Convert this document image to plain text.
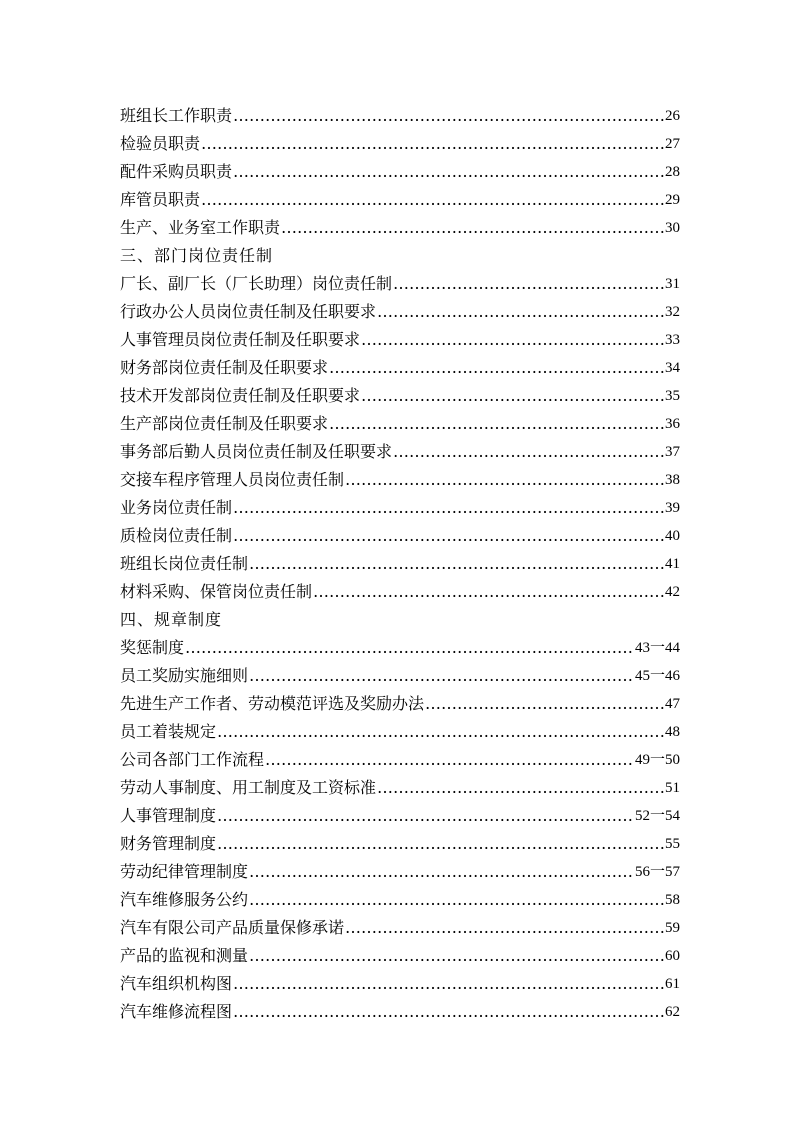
班组长工作职责 …………………………………………………………………………………………………………………………………………………………………………………………………	26
检验员职责 …………………………………………………………………………………………………………………………………………………………………………………………………	27
配件采购员职责 …………………………………………………………………………………………………………………………………………………………………………………………………	28
库管员职责 …………………………………………………………………………………………………………………………………………………………………………………………………	29
生产、业务室工作职责 …………………………………………………………………………………………………………………………………………………………………………………………………	30
三、部门岗位责任制
厂长、副厂长（厂长助理）岗位责任制 …………………………………………………………………………………………………………………………………………………………………………………………………	31
行政办公人员岗位责任制及任职要求 …………………………………………………………………………………………………………………………………………………………………………………………………	32
人事管理员岗位责任制及任职要求 …………………………………………………………………………………………………………………………………………………………………………………………………	33
财务部岗位责任制及任职要求 …………………………………………………………………………………………………………………………………………………………………………………………………	34
技术开发部岗位责任制及任职要求 …………………………………………………………………………………………………………………………………………………………………………………………………	35
生产部岗位责任制及任职要求 …………………………………………………………………………………………………………………………………………………………………………………………………	36
事务部后勤人员岗位责任制及任职要求 …………………………………………………………………………………………………………………………………………………………………………………………………	37
交接车程序管理人员岗位责任制 …………………………………………………………………………………………………………………………………………………………………………………………………	38
业务岗位责任制 …………………………………………………………………………………………………………………………………………………………………………………………………	39
质检岗位责任制 …………………………………………………………………………………………………………………………………………………………………………………………………	40
班组长岗位责任制 …………………………………………………………………………………………………………………………………………………………………………………………………	41
材料采购、保管岗位责任制 …………………………………………………………………………………………………………………………………………………………………………………………………	42
四、规章制度
奖惩制度 …………………………………………………………………………………………………………………………………………………………………………………………………	43一44
员工奖励实施细则 …………………………………………………………………………………………………………………………………………………………………………………………………	45一46
先进生产工作者、劳动模范评选及奖励办法 …………………………………………………………………………………………………………………………………………………………………………………………………	47
员工着装规定 …………………………………………………………………………………………………………………………………………………………………………………………………	48
公司各部门工作流程 …………………………………………………………………………………………………………………………………………………………………………………………………	49一50
劳动人事制度、用工制度及工资标准 …………………………………………………………………………………………………………………………………………………………………………………………………	51
人事管理制度 …………………………………………………………………………………………………………………………………………………………………………………………………	52一54
财务管理制度 …………………………………………………………………………………………………………………………………………………………………………………………………	55
劳动纪律管理制度 …………………………………………………………………………………………………………………………………………………………………………………………………	56一57
汽车维修服务公约 …………………………………………………………………………………………………………………………………………………………………………………………………	58
汽车有限公司产品质量保修承诺 …………………………………………………………………………………………………………………………………………………………………………………………………	59
产品的监视和测量 …………………………………………………………………………………………………………………………………………………………………………………………………	60
汽车组织机构图 …………………………………………………………………………………………………………………………………………………………………………………………………	61
汽车维修流程图 …………………………………………………………………………………………………………………………………………………………………………………………………	62
